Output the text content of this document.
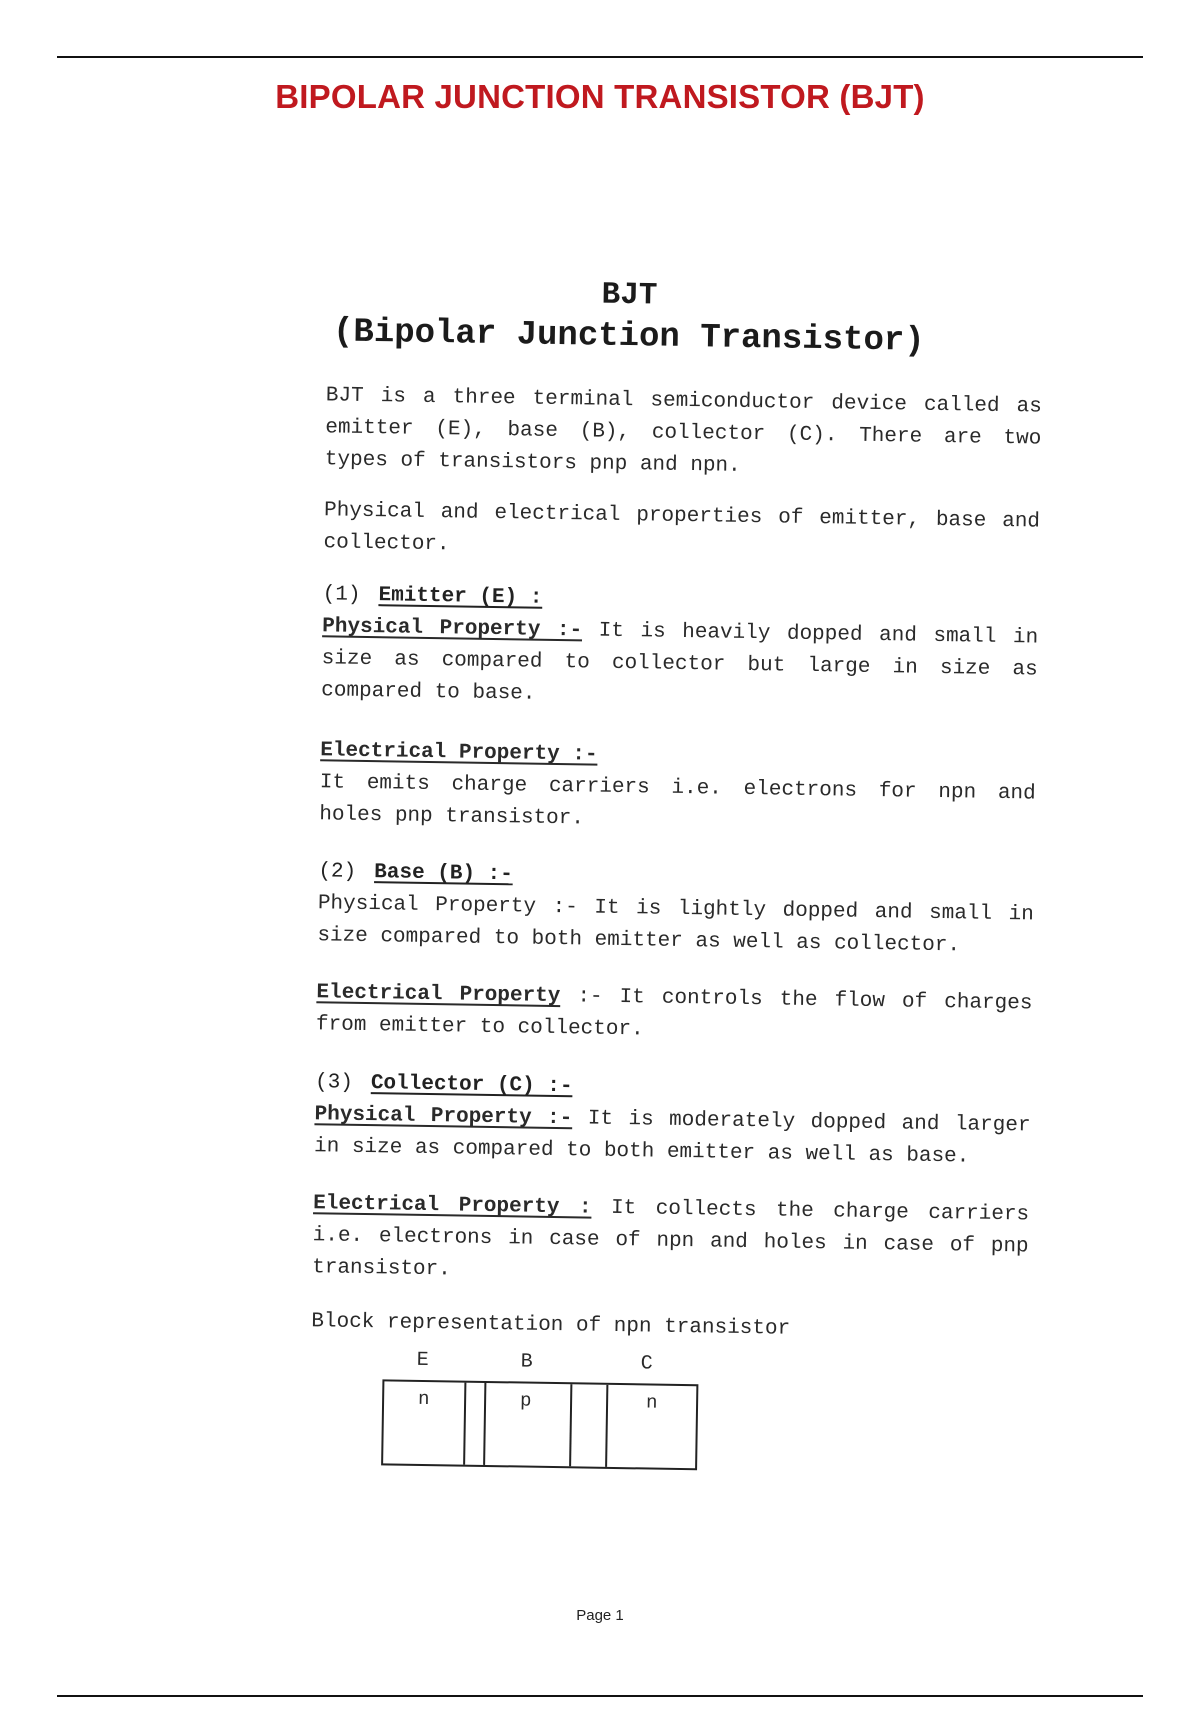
BIPOLAR JUNCTION TRANSISTOR (BJT)
BJT
(Bipolar Junction Transistor)
BJT is a three terminal semiconductor device called as emitter (E), base (B), collector (C). There are two types of transistors pnp and npn.
Physical and electrical properties of emitter, base and collector.
(1) Emitter (E) :
Physical Property :- It is heavily dopped and small in size as compared to collector but large in size as compared to base.
Electrical Property :-
It emits charge carriers i.e. electrons for npn and holes pnp transistor.
(2) Base (B) :-
Physical Property :- It is lightly dopped and small in size compared to both emitter as well as collector.
Electrical Property :- It controls the flow of charges from emitter to collector.
(3) Collector (C) :-
Physical Property :- It is moderately dopped and larger in size as compared to both emitter as well as base.
Electrical Property : It collects the charge carriers i.e. electrons in case of npn and holes in case of pnp transistor.
Block representation of npn transistor
E	B	C
n	p	n
Page 1
